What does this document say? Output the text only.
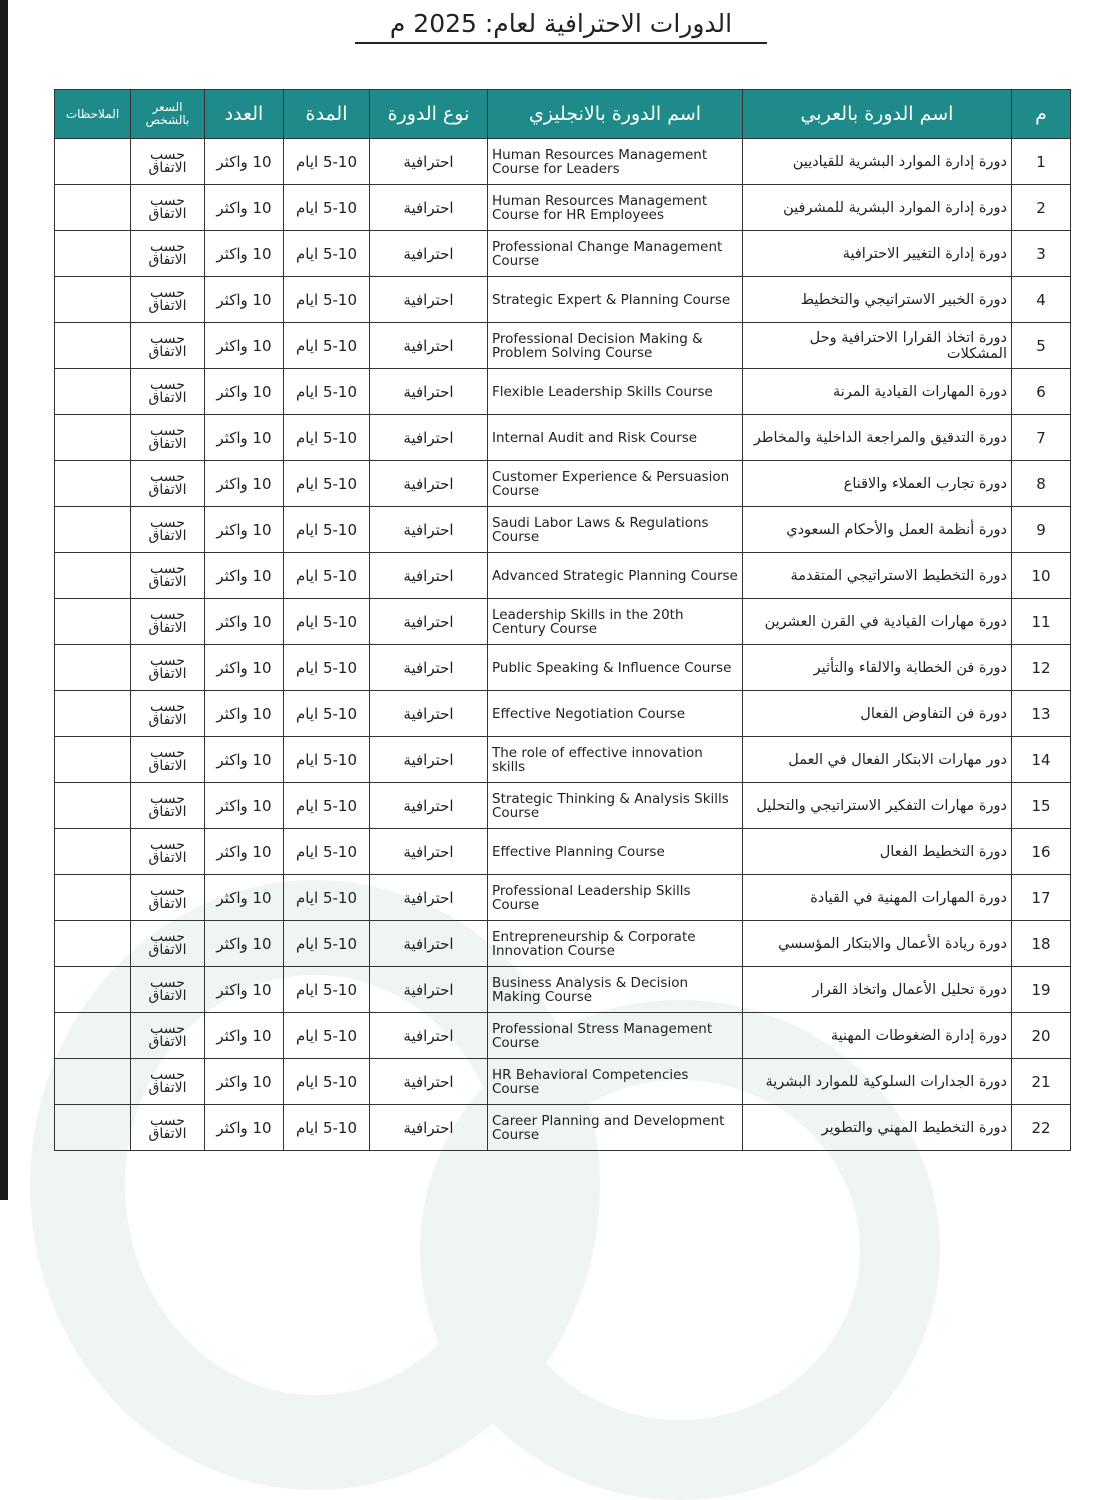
الدورات الاحترافية لعام: 2025 م
م	اسم الدورة بالعربي	اسم الدورة بالانجليزي	نوع الدورة	المدة	العدد	السعر بالشخص	الملاحظات
1	دورة إدارة الموارد البشرية للقياديين	Human Resources Management Course for Leaders	احترافية	5-10 ايام	10 واكثر	حسب الاتفاق	
2	دورة إدارة الموارد البشرية للمشرفين	Human Resources Management Course for HR Employees	احترافية	5-10 ايام	10 واكثر	حسب الاتفاق	
3	دورة إدارة التغيير الاحترافية	Professional Change Management Course	احترافية	5-10 ايام	10 واكثر	حسب الاتفاق	
4	دورة الخبير الاستراتيجي والتخطيط	Strategic Expert & Planning Course	احترافية	5-10 ايام	10 واكثر	حسب الاتفاق	
5	دورة اتخاذ القرارا الاحترافية وحل المشكلات	Professional Decision Making & Problem Solving Course	احترافية	5-10 ايام	10 واكثر	حسب الاتفاق	
6	دورة المهارات القيادية المرنة	Flexible Leadership Skills Course	احترافية	5-10 ايام	10 واكثر	حسب الاتفاق	
7	دورة التدقيق والمراجعة الداخلية والمخاطر	Internal Audit and Risk Course	احترافية	5-10 ايام	10 واكثر	حسب الاتفاق	
8	دورة تجارب العملاء والاقناع	Customer Experience & Persuasion Course	احترافية	5-10 ايام	10 واكثر	حسب الاتفاق	
9	دورة أنظمة العمل والأحكام السعودي	Saudi Labor Laws & Regulations Course	احترافية	5-10 ايام	10 واكثر	حسب الاتفاق	
10	دورة التخطيط الاستراتيجي المتقدمة	Advanced Strategic Planning Course	احترافية	5-10 ايام	10 واكثر	حسب الاتفاق	
11	دورة مهارات القيادية في القرن العشرين	Leadership Skills in the 20th Century Course	احترافية	5-10 ايام	10 واكثر	حسب الاتفاق	
12	دورة فن الخطابة والالقاء والتأثير	Public Speaking & Influence Course	احترافية	5-10 ايام	10 واكثر	حسب الاتفاق	
13	دورة فن التفاوض الفعال	Effective Negotiation Course	احترافية	5-10 ايام	10 واكثر	حسب الاتفاق	
14	دور مهارات الابتكار الفعال في العمل	The role of effective innovation skills	احترافية	5-10 ايام	10 واكثر	حسب الاتفاق	
15	دورة مهارات التفكير الاستراتيجي والتحليل	Strategic Thinking & Analysis Skills Course	احترافية	5-10 ايام	10 واكثر	حسب الاتفاق	
16	دورة التخطيط الفعال	Effective Planning Course	احترافية	5-10 ايام	10 واكثر	حسب الاتفاق	
17	دورة المهارات المهنية في القيادة	Professional Leadership Skills Course	احترافية	5-10 ايام	10 واكثر	حسب الاتفاق	
18	دورة ريادة الأعمال والابتكار المؤسسي	Entrepreneurship & Corporate Innovation Course	احترافية	5-10 ايام	10 واكثر	حسب الاتفاق	
19	دورة تحليل الأعمال واتخاذ القرار	Business Analysis & Decision Making Course	احترافية	5-10 ايام	10 واكثر	حسب الاتفاق	
20	دورة إدارة الضغوطات المهنية	Professional Stress Management Course	احترافية	5-10 ايام	10 واكثر	حسب الاتفاق	
21	دورة الجدارات السلوكية للموارد البشرية	HR Behavioral Competencies Course	احترافية	5-10 ايام	10 واكثر	حسب الاتفاق	
22	دورة التخطيط المهني والتطوير	Career Planning and Development Course	احترافية	5-10 ايام	10 واكثر	حسب الاتفاق	
